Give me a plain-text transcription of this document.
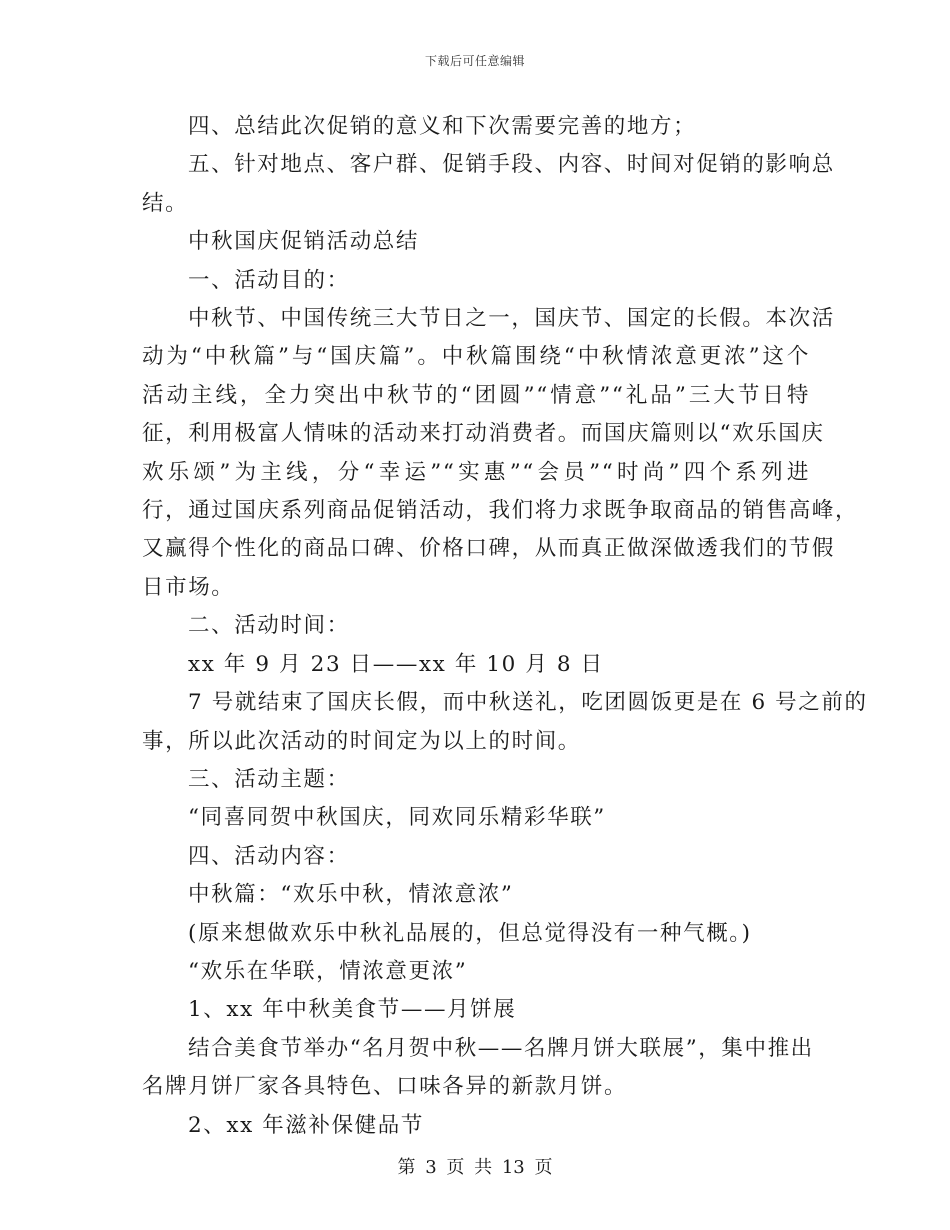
下载后可任意编辑

四、总结此次促销的意义和下次需要完善的地方；

五、针对地点、客户群、促销手段、内容、时间对促销的影响总

结。

中秋国庆促销活动总结

一、活动目的：

中秋节、中国传统三大节日之一，国庆节、国定的长假。本次活

动为“中秋篇”与“国庆篇”。中秋篇围绕“中秋情浓意更浓”这个

活动主线，全力突出中秋节的“团圆”“情意”“礼品”三大节日特

征，利用极富人情味的活动来打动消费者。而国庆篇则以“欢乐国庆

欢乐颂”为主线，分“幸运”“实惠”“会员”“时尚”四个系列进

行，通过国庆系列商品促销活动，我们将力求既争取商品的销售高峰，

又赢得个性化的商品口碑、价格口碑，从而真正做深做透我们的节假

日市场。

二、活动时间：

xx 年 9 月 23 日——xx 年 10 月 8 日

7 号就结束了国庆长假，而中秋送礼，吃团圆饭更是在 6 号之前的

事，所以此次活动的时间定为以上的时间。

三、活动主题：

“同喜同贺中秋国庆，同欢同乐精彩华联”

四、活动内容：

中秋篇：“欢乐中秋，情浓意浓”

(原来想做欢乐中秋礼品展的，但总觉得没有一种气概。)

“欢乐在华联，情浓意更浓”

1、xx 年中秋美食节——月饼展

结合美食节举办“名月贺中秋——名牌月饼大联展”，集中推出

名牌月饼厂家各具特色、口味各异的新款月饼。

2、xx 年滋补保健品节

第 3 页 共 13 页
